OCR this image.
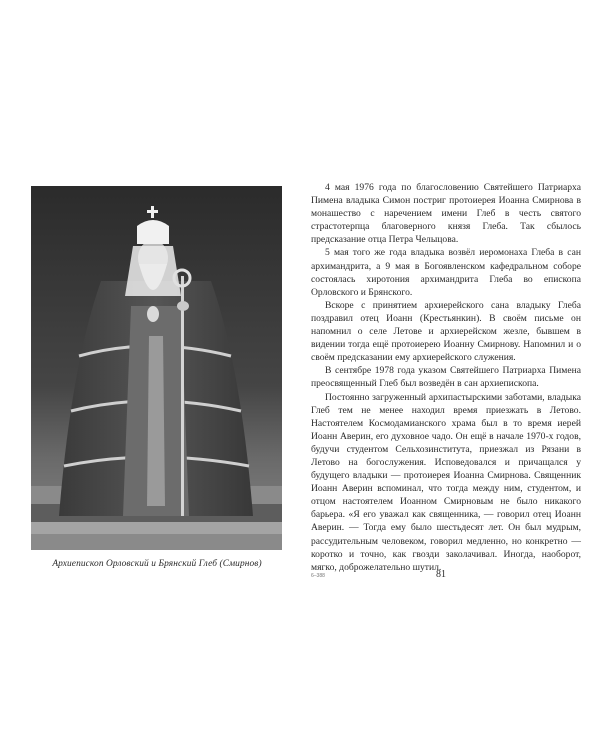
Архиепископ Орловский и Брянский Глеб (Смирнов)

4 мая 1976 года по благословению Святейшего Патриарха Пимена владыка Симон постриг протоиерея Иоанна Смирнова в монашество с наречением имени Глеб в честь святого страстотерпца благоверного князя Глеба. Так сбылось предсказание отца Петра Челыцова.

5 мая того же года владыка возвёл иеромонаха Глеба в сан архимандрита, а 9 мая в Богоявленском кафедральном соборе состоялась хиротония архимандрита Глеба во епископа Орловского и Брянского.

Вскоре с принятием архиерейского сана владыку Глеба поздравил отец Иоанн (Крестьянкин). В своём письме он напомнил о селе Летове и архиерейском жезле, бывшем в видении тогда ещё протоиерею Иоанну Смирнову. Напомнил и о своём предсказании ему архиерейского служения.

В сентябре 1978 года указом Святейшего Патриарха Пимена преосвященный Глеб был возведён в сан архиепископа.

Постоянно загруженный архипастырскими заботами, владыка Глеб тем не менее находил время приезжать в Летово. Настоятелем Космодамианского храма был в то время иерей Иоанн Аверин, его духовное чадо. Он ещё в начале 1970-х годов, будучи студентом Сельхозинститута, приезжал из Рязани в Летово на богослужения. Исповедовался и причащался у будущего владыки — протоиерея Иоанна Смирнова. Священник Иоанн Аверин вспоминал, что тогда между ним, студентом, и отцом настоятелем Иоанном Смирновым не было никакого барьера. «Я его уважал как священника, — говорил отец Иоанн Аверин. — Тогда ему было шестьдесят лет. Он был мудрым, рассудительным человеком, говорил медленно, но конкретно — коротко и точно, как гвозди заколачивал. Иногда, наоборот, мягко, доброжелательно шутил.

6–388	81
